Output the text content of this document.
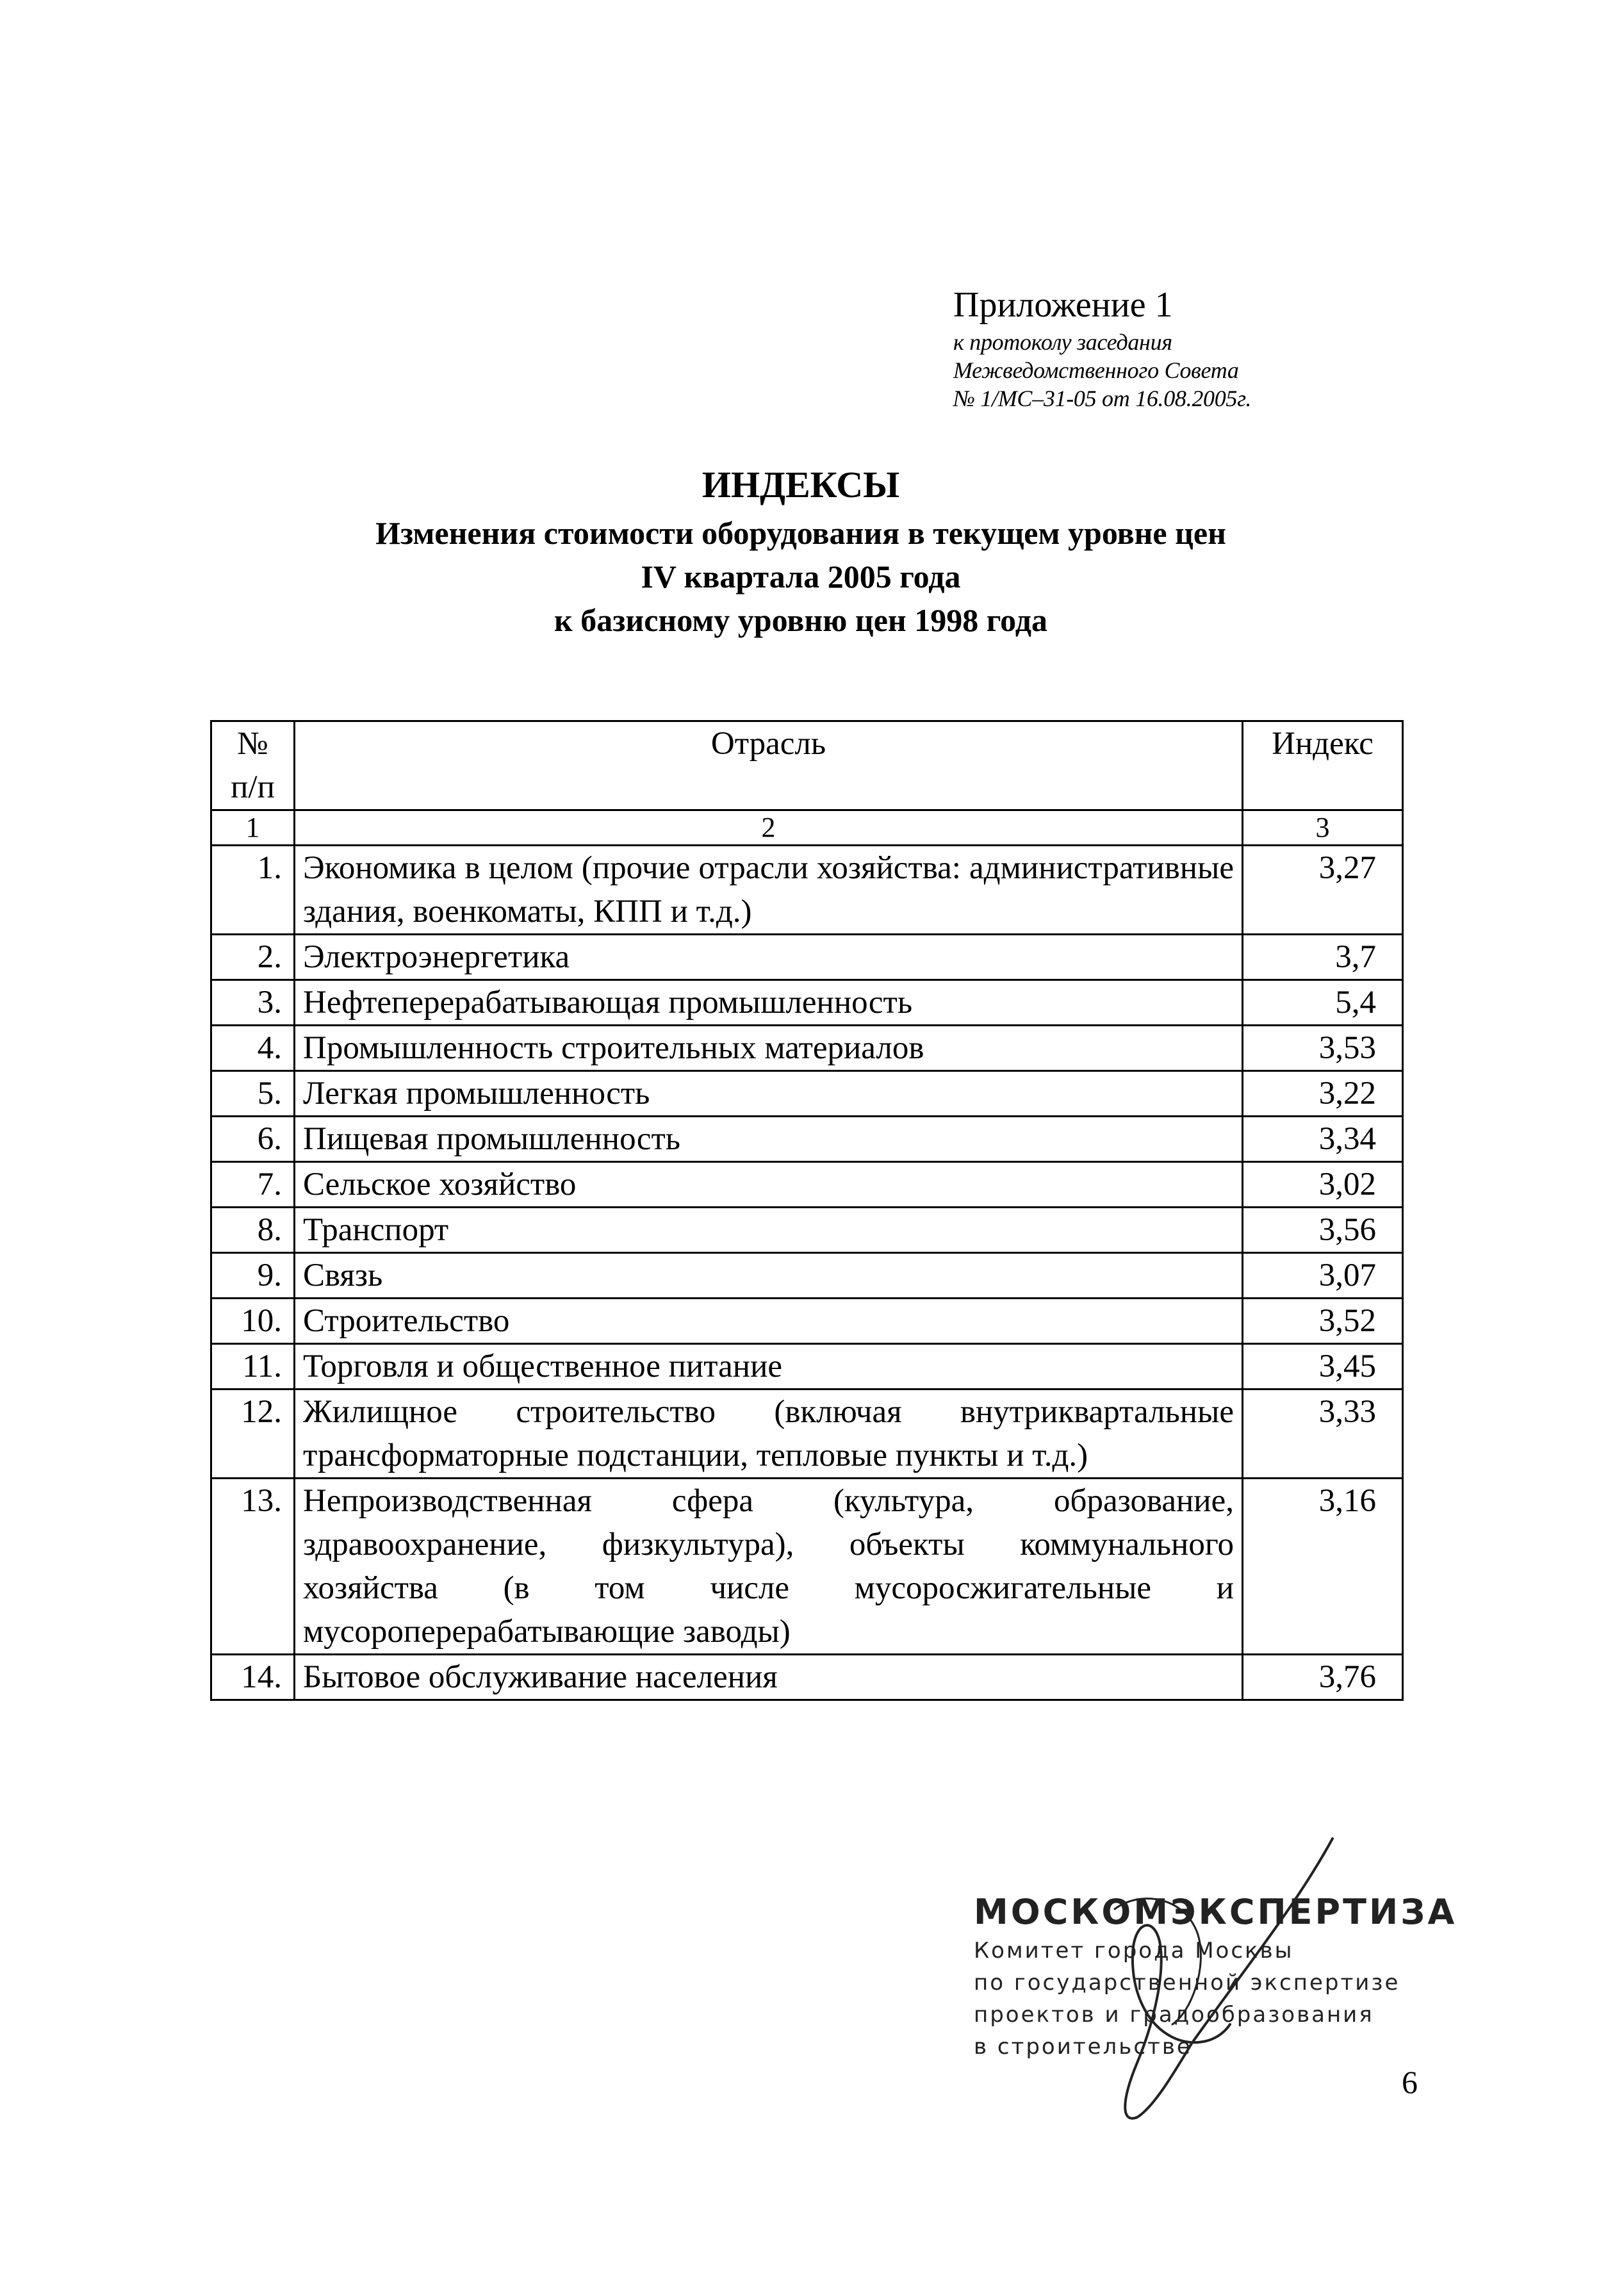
Приложение 1
к протоколу заседания
Межведомственного Совета
№ 1/МС–31-05 от 16.08.2005г.
ИНДЕКСЫ
Изменения стоимости оборудования в текущем уровне цен
IV квартала 2005 года
к базисному уровню цен 1998 года
№
п/п	Отрасль	Индекс
1	2	3
1.	Экономика в целом (прочие отрасли хозяйства: административные здания, военкоматы, КПП и т.д.)	3,27
2.	Электроэнергетика	3,7
3.	Нефтеперерабатывающая промышленность	5,4
4.	Промышленность строительных материалов	3,53
5.	Легкая промышленность	3,22
6.	Пищевая промышленность	3,34
7.	Сельское хозяйство	3,02
8.	Транспорт	3,56
9.	Связь	3,07
10.	Строительство	3,52
11.	Торговля и общественное питание	3,45
12.	Жилищное строительство (включая внутриквартальные трансформаторные подстанции, тепловые пункты и т.д.)	3,33
13.	Непроизводственная сфера (культура, образование, здравоохранение, физкультура), объекты коммунального хозяйства (в том числе мусоросжигательные и мусороперерабатывающие заводы)	3,16
14.	Бытовое обслуживание населения	3,76
МОСКОМЭКСПЕРТИЗА
Комитет города Москвы
по государственной экспертизе
проектов и градообразования
в строительстве
6
